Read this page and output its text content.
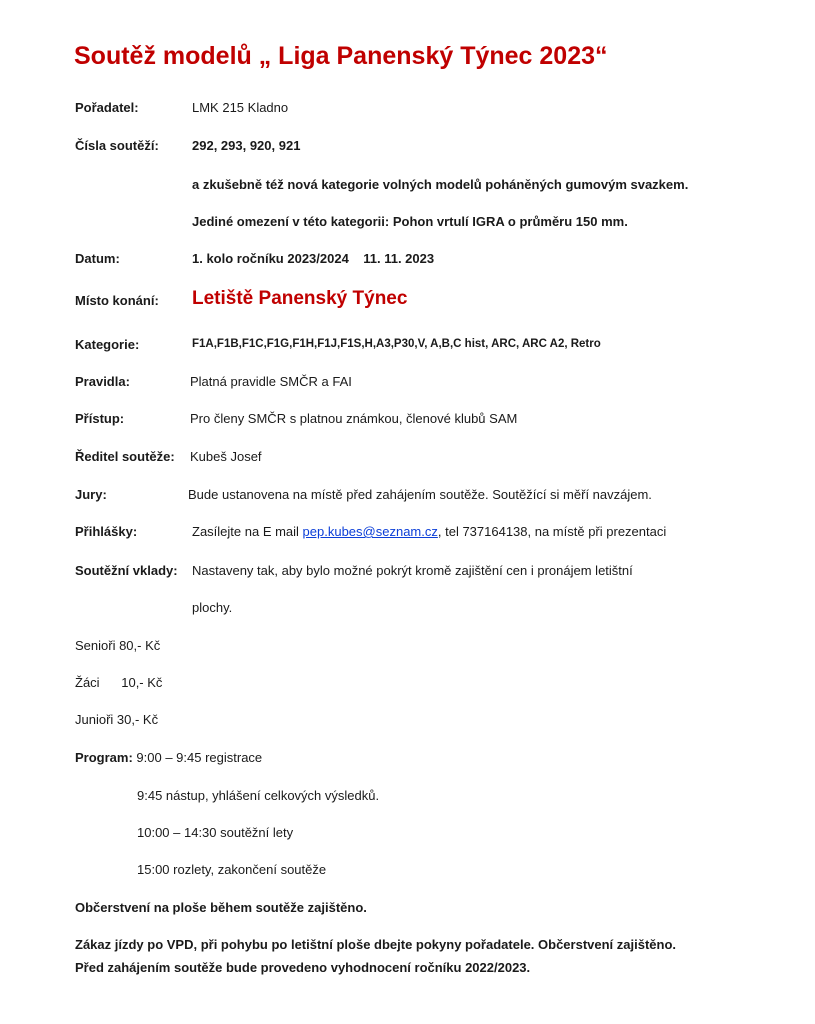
Soutěž modelů „ Liga Panenský Týnec 2023“
Pořadatel:	LMK 215 Kladno
Čísla soutěží:	292, 293, 920, 921
a zkušebně též nová kategorie volných modelů poháněných gumovým svazkem.
Jediné omezení v této kategorii: Pohon vrtulí IGRA o průměru 150 mm.
Datum:	1. kolo ročníku 2023/2024    11. 11. 2023
Místo konání: Letiště Panenský Týnec
Kategorie:	F1A,F1B,F1C,F1G,F1H,F1J,F1S,H,A3,P30,V, A,B,C hist, ARC, ARC A2, Retro
Pravidla:	Platná pravidle SMČR a FAI
Přístup:	Pro členy SMČR s platnou známkou, členové klubů SAM
Ředitel soutěže: Kubeš Josef
Jury:	Bude ustanovena na místě před zahájením soutěže. Soutěžící si měří navzájem.
Přihlášky:	Zasílejte na E mail pep.kubes@seznam.cz, tel 737164138, na místě při prezentaci
Soutěžní vklady: Nastaveny tak, aby bylo možné pokrýt kromě zajištění cen i pronájem letištní
plochy.
Senioři 80,- Kč
Žáci      10,- Kč
Junioři 30,- Kč
Program: 9:00 – 9:45 registrace
9:45 nástup, yhlášení celkových výsledků.
10:00 – 14:30 soutěžní lety
15:00 rozlety, zakončení soutěže
Občerstvení na ploše během soutěže zajištěno.
Zákaz jízdy po VPD, při pohybu po letištní ploše dbejte pokyny pořadatele. Občerstvení zajištěno.
Před zahájením soutěže bude provedeno vyhodnocení ročníku 2022/2023.
